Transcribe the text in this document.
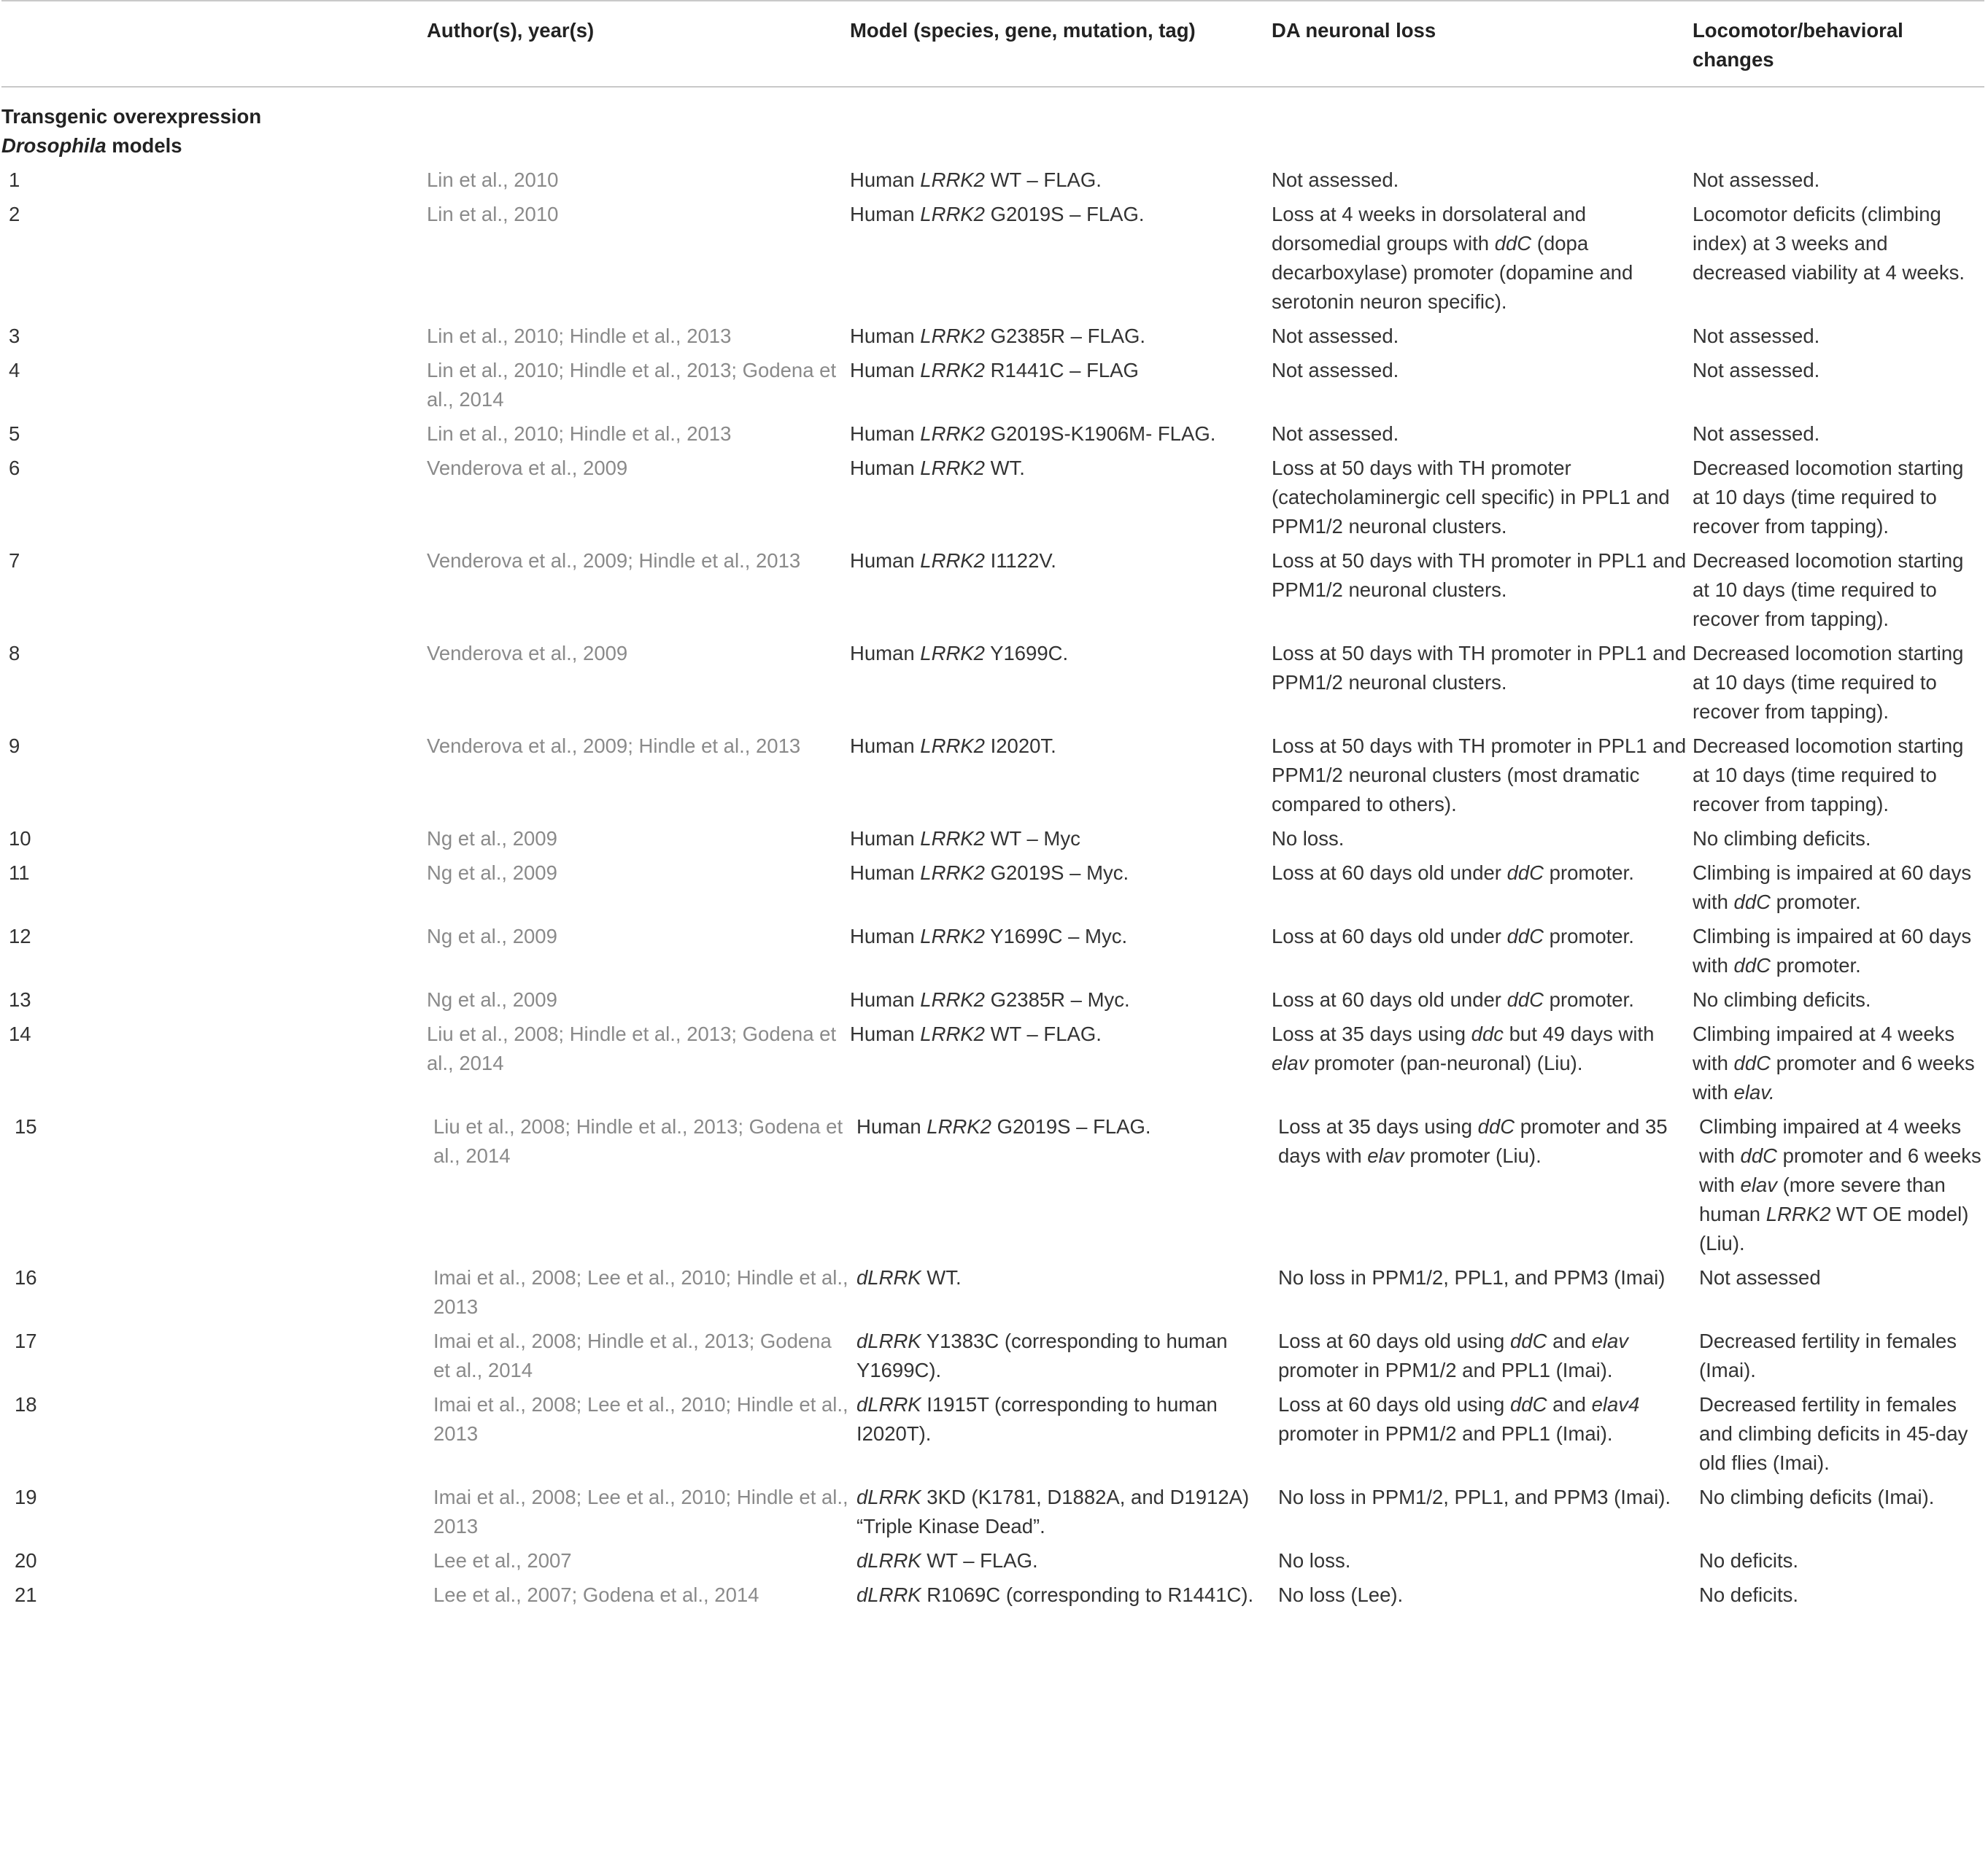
	Author(s), year(s)	Model (species, gene, mutation, tag)	DA neuronal loss	Locomotor/behavioral changes
Transgenic overexpression
Drosophila models				
1	Lin et al., 2010	Human LRRK2 WT – FLAG.	Not assessed.	Not assessed.
2	Lin et al., 2010	Human LRRK2 G2019S – FLAG.	Loss at 4 weeks in dorsolateral and dorsomedial groups with ddC (dopa decarboxylase) promoter (dopamine and serotonin neuron specific).	Locomotor deficits (climbing index) at 3 weeks and decreased viability at 4 weeks.
3	Lin et al., 2010; Hindle et al., 2013	Human LRRK2 G2385R – FLAG.	Not assessed.	Not assessed.
4	Lin et al., 2010; Hindle et al., 2013; Godena et al., 2014	Human LRRK2 R1441C – FLAG	Not assessed.	Not assessed.
5	Lin et al., 2010; Hindle et al., 2013	Human LRRK2 G2019S-K1906M- FLAG.	Not assessed.	Not assessed.
6	Venderova et al., 2009	Human LRRK2 WT.	Loss at 50 days with TH promoter (catecholaminergic cell specific) in PPL1 and PPM1/2 neuronal clusters.	Decreased locomotion starting at 10 days (time required to recover from tapping).
7	Venderova et al., 2009; Hindle et al., 2013	Human LRRK2 I1122V.	Loss at 50 days with TH promoter in PPL1 and PPM1/2 neuronal clusters.	Decreased locomotion starting at 10 days (time required to recover from tapping).
8	Venderova et al., 2009	Human LRRK2 Y1699C.	Loss at 50 days with TH promoter in PPL1 and PPM1/2 neuronal clusters.	Decreased locomotion starting at 10 days (time required to recover from tapping).
9	Venderova et al., 2009; Hindle et al., 2013	Human LRRK2 I2020T.	Loss at 50 days with TH promoter in PPL1 and PPM1/2 neuronal clusters (most dramatic compared to others).	Decreased locomotion starting at 10 days (time required to recover from tapping).
10	Ng et al., 2009	Human LRRK2 WT – Myc	No loss.	No climbing deficits.
11	Ng et al., 2009	Human LRRK2 G2019S – Myc.	Loss at 60 days old under ddC promoter.	Climbing is impaired at 60 days with ddC promoter.
12	Ng et al., 2009	Human LRRK2 Y1699C – Myc.	Loss at 60 days old under ddC promoter.	Climbing is impaired at 60 days with ddC promoter.
13	Ng et al., 2009	Human LRRK2 G2385R – Myc.	Loss at 60 days old under ddC promoter.	No climbing deficits.
14	Liu et al., 2008; Hindle et al., 2013; Godena et al., 2014	Human LRRK2 WT – FLAG.	Loss at 35 days using ddc but 49 days with elav promoter (pan-neuronal) (Liu).	Climbing impaired at 4 weeks with ddC promoter and 6 weeks with elav.
15	Liu et al., 2008; Hindle et al., 2013; Godena et al., 2014	Human LRRK2 G2019S – FLAG.	Loss at 35 days using ddC promoter and 35 days with elav promoter (Liu).	Climbing impaired at 4 weeks with ddC promoter and 6 weeks with elav (more severe than human LRRK2 WT OE model) (Liu).
16	Imai et al., 2008; Lee et al., 2010; Hindle et al., 2013	dLRRK WT.	No loss in PPM1/2, PPL1, and PPM3 (Imai)	Not assessed
17	Imai et al., 2008; Hindle et al., 2013; Godena et al., 2014	dLRRK Y1383C (corresponding to human Y1699C).	Loss at 60 days old using ddC and elav promoter in PPM1/2 and PPL1 (Imai).	Decreased fertility in females (Imai).
18	Imai et al., 2008; Lee et al., 2010; Hindle et al., 2013	dLRRK I1915T (corresponding to human I2020T).	Loss at 60 days old using ddC and elav4 promoter in PPM1/2 and PPL1 (Imai).	Decreased fertility in females and climbing deficits in 45-day old flies (Imai).
19	Imai et al., 2008; Lee et al., 2010; Hindle et al., 2013	dLRRK 3KD (K1781, D1882A, and D1912A) “Triple Kinase Dead”.	No loss in PPM1/2, PPL1, and PPM3 (Imai).	No climbing deficits (Imai).
20	Lee et al., 2007	dLRRK WT – FLAG.	No loss.	No deficits.
21	Lee et al., 2007; Godena et al., 2014	dLRRK R1069C (corresponding to R1441C).	No loss (Lee).	No deficits.
